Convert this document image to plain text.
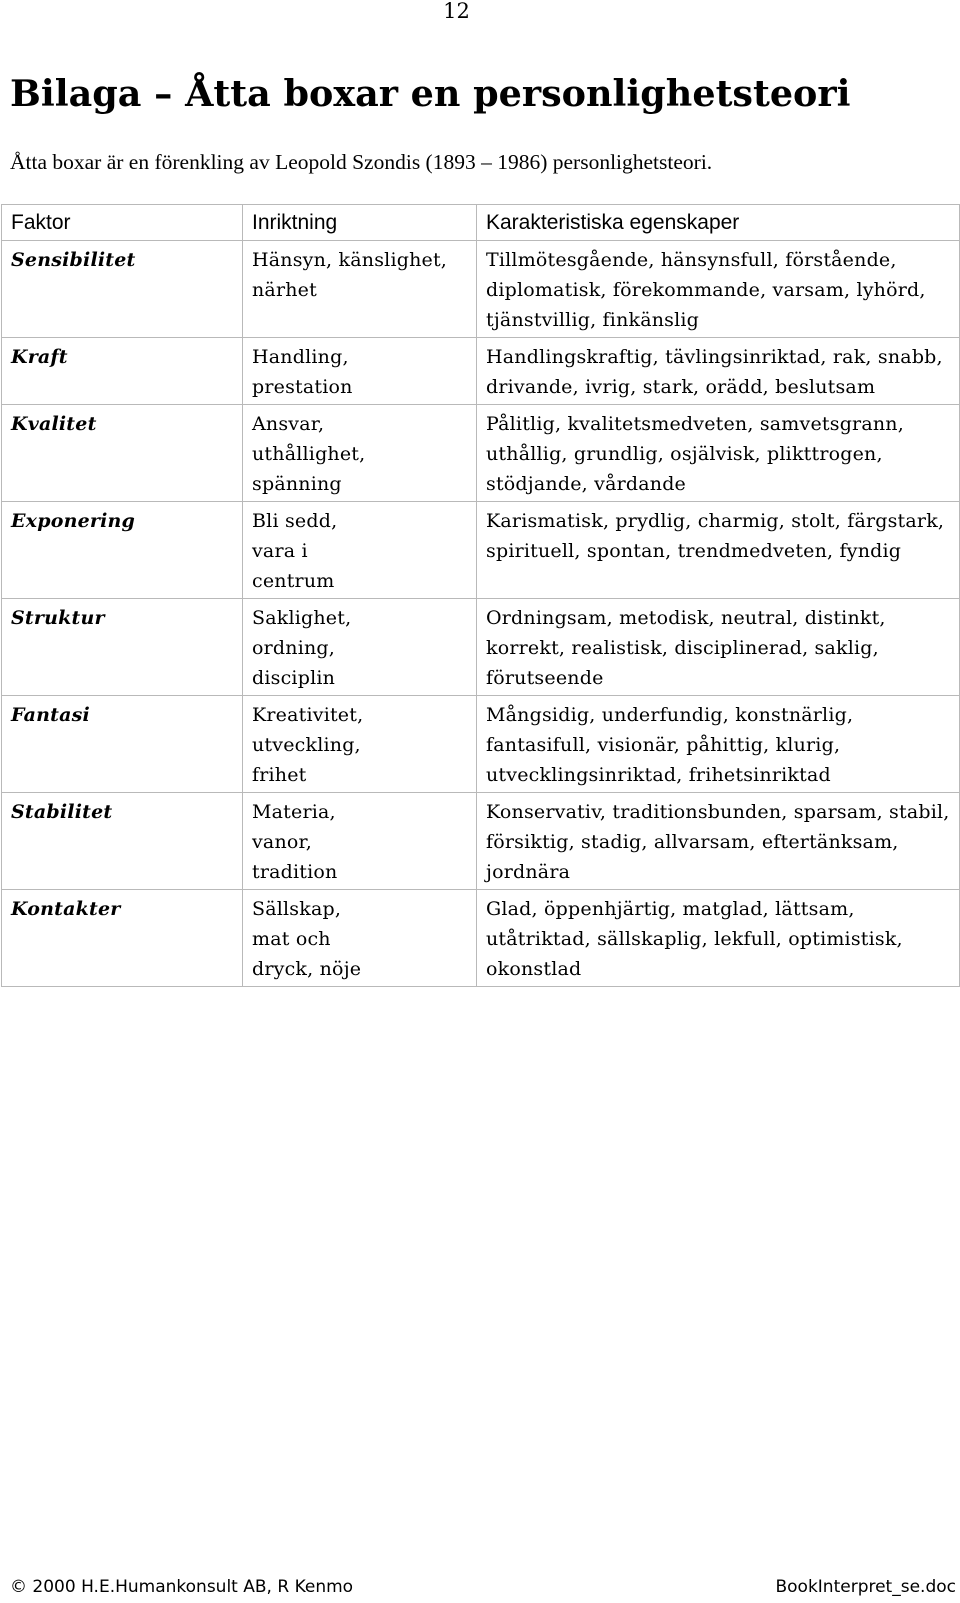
12
Bilaga – Åtta boxar en personlighetsteori

Åtta boxar är en förenkling av Leopold Szondis (1893 – 1986) personlighetsteori.

Faktor	Inriktning	Karakteristiska egenskaper
Sensibilitet	Hänsyn, känslighet, närhet	Tillmötesgående, hänsynsfull, förstående, diplomatisk, förekommande, varsam, lyhörd, tjänstvillig, finkänslig
Kraft	Handling, prestation	Handlingskraftig, tävlingsinriktad, rak, snabb, drivande, ivrig, stark, orädd, beslutsam
Kvalitet	Ansvar, uthållighet, spänning	Pålitlig, kvalitetsmedveten, samvetsgrann, uthållig, grundlig, osjälvisk, plikttrogen, stödjande, vårdande
Exponering	Bli sedd, vara i centrum	Karismatisk, prydlig, charmig, stolt, färgstark, spirituell, spontan, trendmedveten, fyndig
Struktur	Saklighet, ordning, disciplin	Ordningsam, metodisk, neutral, distinkt, korrekt, realistisk, disciplinerad, saklig, förutseende
Fantasi	Kreativitet, utveckling, frihet	Mångsidig, underfundig, konstnärlig, fantasifull, visionär, påhittig, klurig, utvecklingsinriktad, frihetsinriktad
Stabilitet	Materia, vanor, tradition	Konservativ, traditionsbunden, sparsam, stabil, försiktig, stadig, allvarsam, eftertänksam, jordnära
Kontakter	Sällskap, mat och dryck, nöje	Glad, öppenhjärtig, matglad, lättsam, utåtriktad, sällskaplig, lekfull, optimistisk, okonstlad
© 2000 H.E.Humankonsult AB, R Kenmo	BookInterpret_se.doc
